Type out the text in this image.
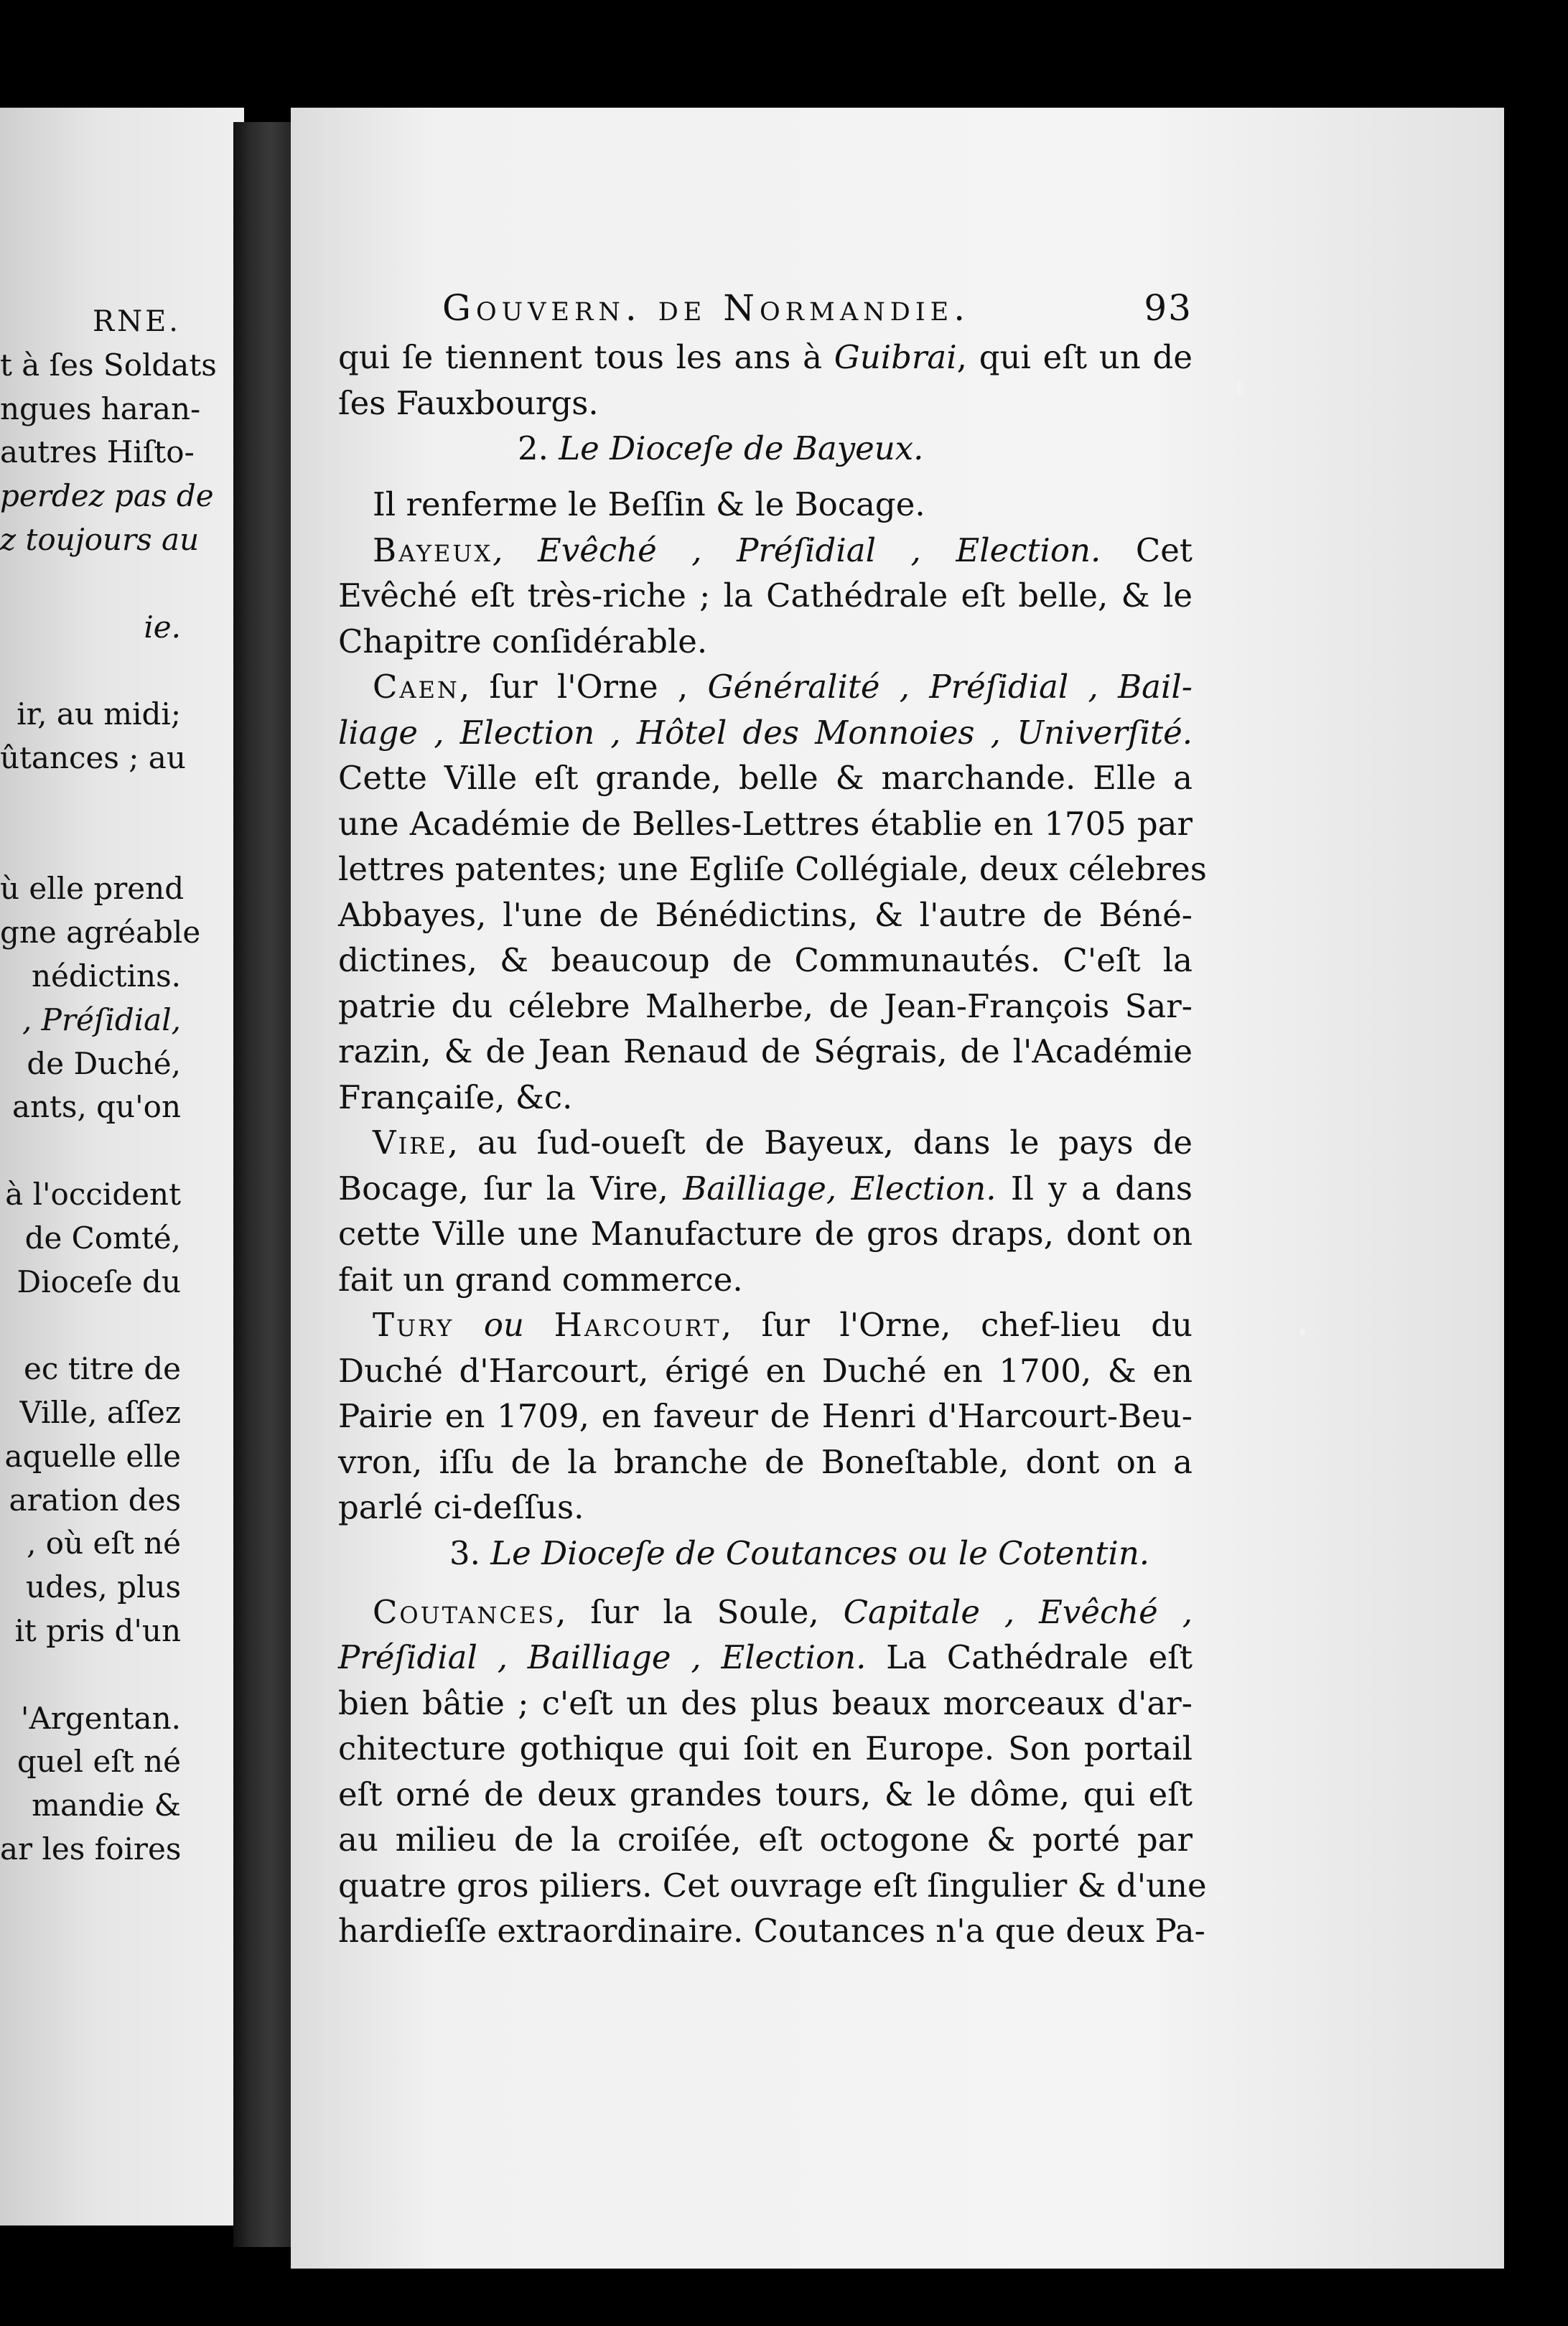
RNE.
t à ſes Soldats
ngues haran-
autres Hiſto-
perdez pas de
z toujours au
ie.
ir, au midi;
ûtances ; au
ù elle prend
gne agréable
nédictins.
, Préſidial,
de Duché,
ants, qu'on
à l'occident
de Comté,
Dioceſe du
ec titre de
Ville, aſſez
aquelle elle
aration des
, où eſt né
udes, plus
it pris d'un
'Argentan.
quel eſt né
mandie &
ar les foires
Gouvern. de Normandie.	93
qui ſe tiennent tous les ans à Guibrai, qui eſt un de
ſes Fauxbourgs.
2. Le Dioceſe de Bayeux.
Il renferme le Beſſin & le Bocage.
Bayeux, Evêché , Préſidial , Election. Cet
Evêché eſt très-riche ; la Cathédrale eſt belle, & le
Chapitre conſidérable.
Caen, ſur l'Orne , Généralité , Préſidial , Bail-
liage , Election , Hôtel des Monnoies , Univerſité.
Cette Ville eſt grande, belle & marchande. Elle a
une Académie de Belles-Lettres établie en 1705 par
lettres patentes; une Egliſe Collégiale, deux célebres
Abbayes, l'une de Bénédictins, & l'autre de Béné-
dictines, & beaucoup de Communautés. C'eſt la
patrie du célebre Malherbe, de Jean-François Sar-
razin, & de Jean Renaud de Ségrais, de l'Académie
Françaiſe, &c.
Vire, au ſud-oueſt de Bayeux, dans le pays de
Bocage, ſur la Vire, Bailliage, Election. Il y a dans
cette Ville une Manufacture de gros draps, dont on
fait un grand commerce.
Tury ou Harcourt, ſur l'Orne, chef-lieu du
Duché d'Harcourt, érigé en Duché en 1700, & en
Pairie en 1709, en faveur de Henri d'Harcourt-Beu-
vron, iſſu de la branche de Boneſtable, dont on a
parlé ci-deſſus.
3. Le Dioceſe de Coutances ou le Cotentin.
Coutances, ſur la Soule, Capitale , Evêché ,
Préſidial , Bailliage , Election. La Cathédrale eſt
bien bâtie ; c'eſt un des plus beaux morceaux d'ar-
chitecture gothique qui ſoit en Europe. Son portail
eſt orné de deux grandes tours, & le dôme, qui eſt
au milieu de la croiſée, eſt octogone & porté par
quatre gros piliers. Cet ouvrage eſt ſingulier & d'une
hardieſſe extraordinaire. Coutances n'a que deux Pa-
